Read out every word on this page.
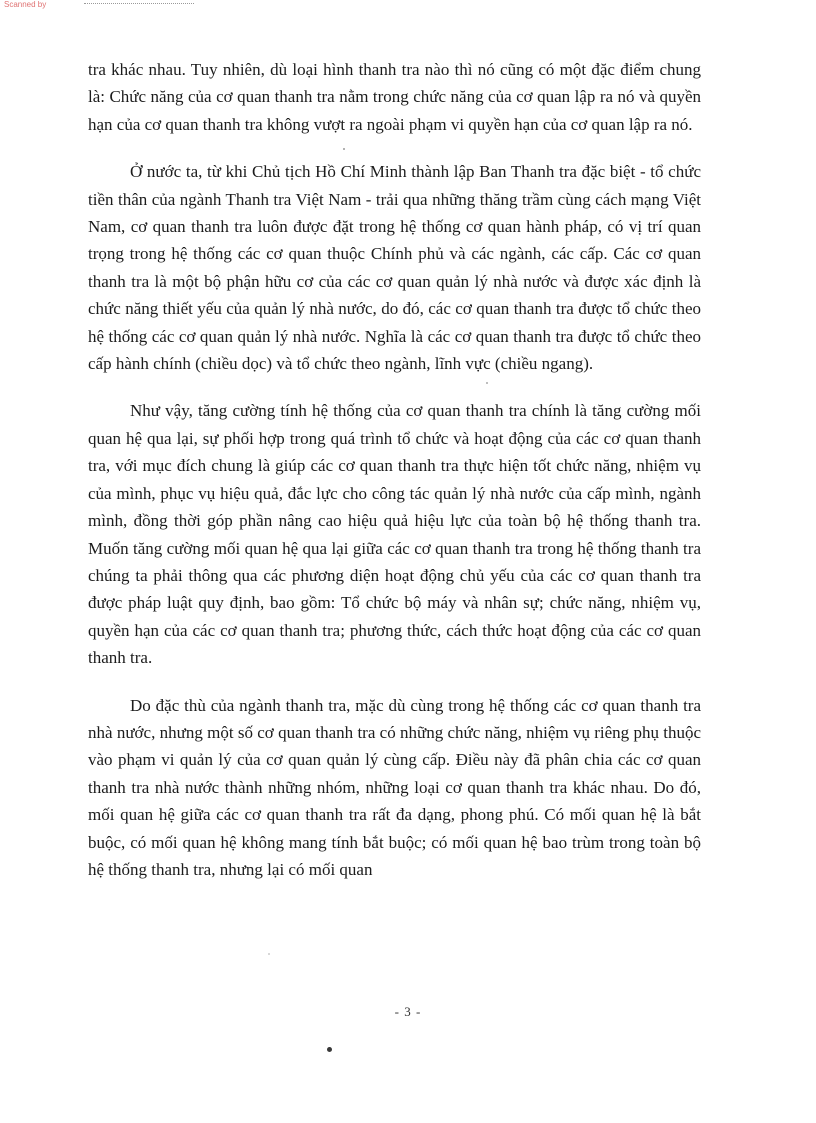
Scanned by

tra khác nhau. Tuy nhiên, dù loại hình thanh tra nào thì nó cũng có một đặc điểm chung là: Chức năng của cơ quan thanh tra nằm trong chức năng của cơ quan lập ra nó và quyền hạn của cơ quan thanh tra không vượt ra ngoài phạm vi quyền hạn của cơ quan lập ra nó.

Ở nước ta, từ khi Chủ tịch Hồ Chí Minh thành lập Ban Thanh tra đặc biệt - tổ chức tiền thân của ngành Thanh tra Việt Nam - trải qua những thăng trầm cùng cách mạng Việt Nam, cơ quan thanh tra luôn được đặt trong hệ thống cơ quan hành pháp, có vị trí quan trọng trong hệ thống các cơ quan thuộc Chính phủ và các ngành, các cấp. Các cơ quan thanh tra là một bộ phận hữu cơ của các cơ quan quản lý nhà nước và được xác định là chức năng thiết yếu của quản lý nhà nước, do đó, các cơ quan thanh tra được tổ chức theo hệ thống các cơ quan quản lý nhà nước. Nghĩa là các cơ quan thanh tra được tổ chức theo cấp hành chính (chiều dọc) và tổ chức theo ngành, lĩnh vực (chiều ngang).

Như vậy, tăng cường tính hệ thống của cơ quan thanh tra chính là tăng cường mối quan hệ qua lại, sự phối hợp trong quá trình tổ chức và hoạt động của các cơ quan thanh tra, với mục đích chung là giúp các cơ quan thanh tra thực hiện tốt chức năng, nhiệm vụ của mình, phục vụ hiệu quả, đắc lực cho công tác quản lý nhà nước của cấp mình, ngành mình, đồng thời góp phần nâng cao hiệu quả hiệu lực của toàn bộ hệ thống thanh tra. Muốn tăng cường mối quan hệ qua lại giữa các cơ quan thanh tra trong hệ thống thanh tra chúng ta phải thông qua các phương diện hoạt động chủ yếu của các cơ quan thanh tra được pháp luật quy định, bao gồm: Tổ chức bộ máy và nhân sự; chức năng, nhiệm vụ, quyền hạn của các cơ quan thanh tra; phương thức, cách thức hoạt động của các cơ quan thanh tra.

Do đặc thù của ngành thanh tra, mặc dù cùng trong hệ thống các cơ quan thanh tra nhà nước, nhưng một số cơ quan thanh tra có những chức năng, nhiệm vụ riêng phụ thuộc vào phạm vi quản lý của cơ quan quản lý cùng cấp. Điều này đã phân chia các cơ quan thanh tra nhà nước thành những nhóm, những loại cơ quan thanh tra khác nhau. Do đó, mối quan hệ giữa các cơ quan thanh tra rất đa dạng, phong phú. Có mối quan hệ là bắt buộc, có mối quan hệ không mang tính bắt buộc; có mối quan hệ bao trùm trong toàn bộ hệ thống thanh tra, nhưng lại có mối quan

- 3 -
